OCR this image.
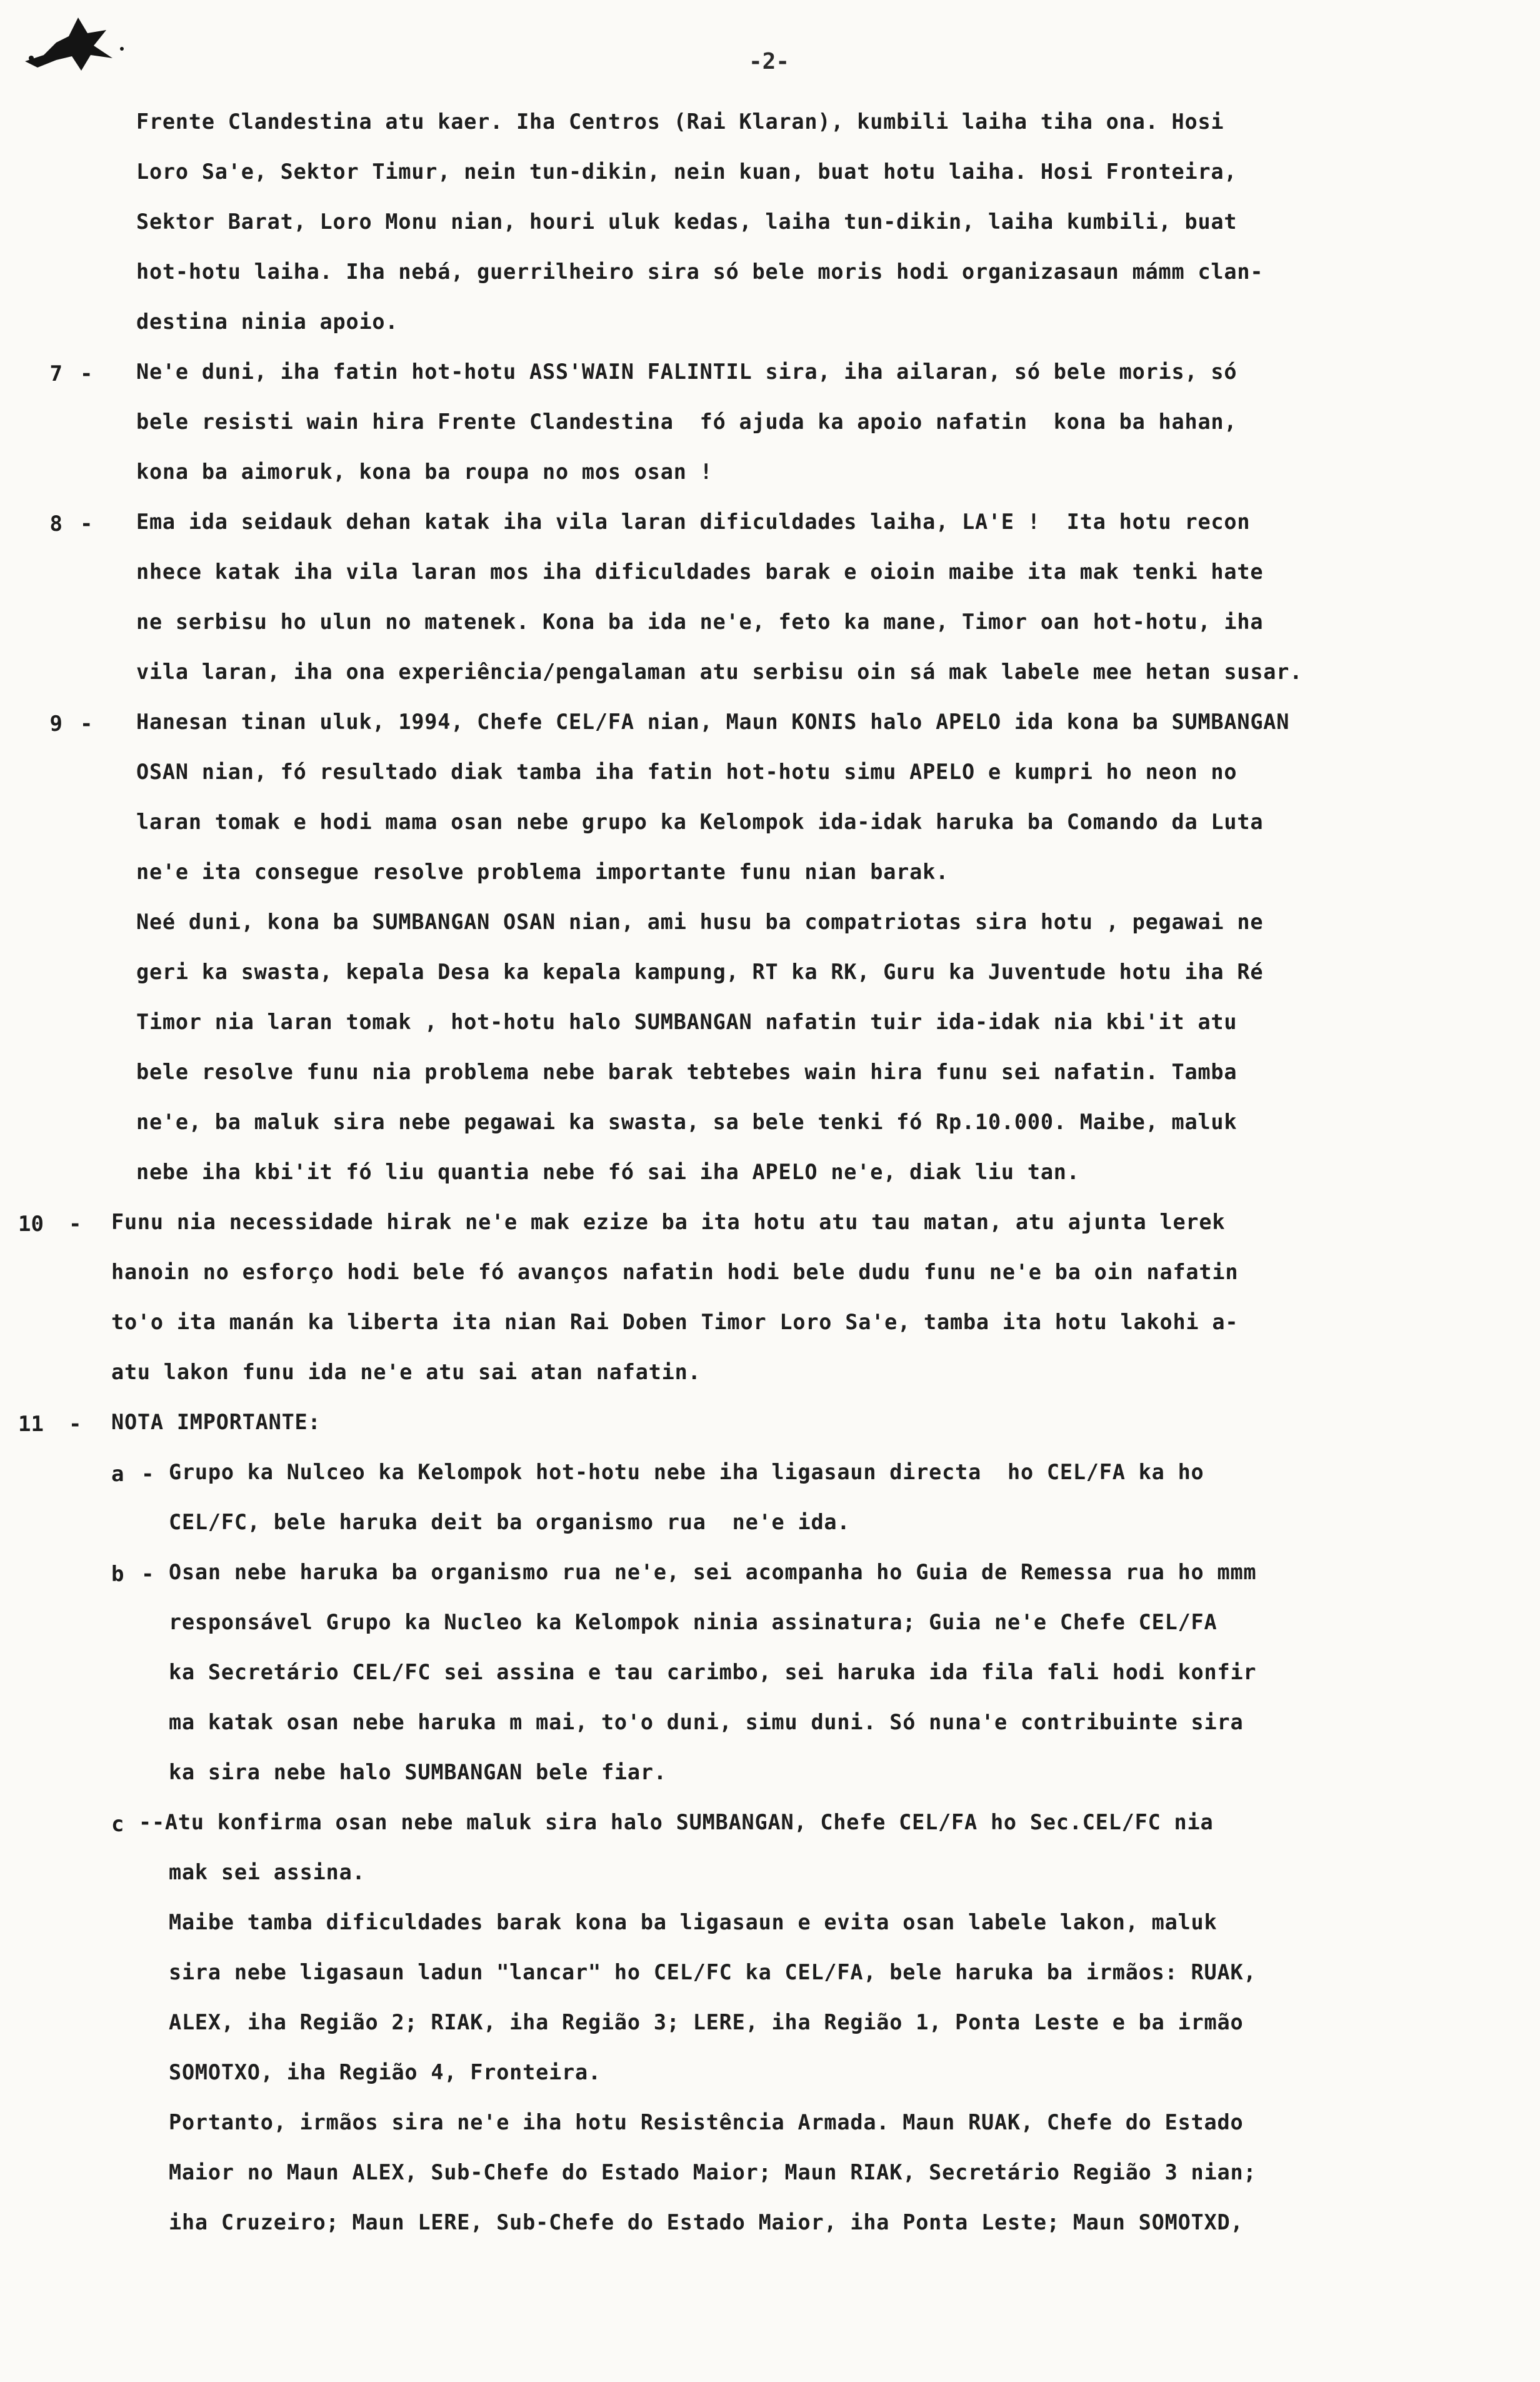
-2-
Frente Clandestina atu kaer. Iha Centros (Rai Klaran), kumbili laiha tiha ona. Hosi
Loro Sa'e, Sektor Timur, nein tun-dikin, nein kuan, buat hotu laiha. Hosi Fronteira,
Sektor Barat, Loro Monu nian, houri uluk kedas, laiha tun-dikin, laiha kumbili, buat
hot-hotu laiha. Iha nebá, guerrilheiro sira só bele moris hodi organizasaun mámm clan-
destina ninia apoio.
7 - Ne'e duni, iha fatin hot-hotu ASS'WAIN FALINTIL sira, iha ailaran, só bele moris, só
bele resisti wain hira Frente Clandestina  fó ajuda ka apoio nafatin  kona ba hahan,
kona ba aimoruk, kona ba roupa no mos osan !
8 - Ema ida seidauk dehan katak iha vila laran dificuldades laiha, LA'E !  Ita hotu recon
nhece katak iha vila laran mos iha dificuldades barak e oioin maibe ita mak tenki hate
ne serbisu ho ulun no matenek. Kona ba ida ne'e, feto ka mane, Timor oan hot-hotu, iha
vila laran, iha ona experiência/pengalaman atu serbisu oin sá mak labele mee hetan susar.
9 - Hanesan tinan uluk, 1994, Chefe CEL/FA nian, Maun KONIS halo APELO ida kona ba SUMBANGAN
OSAN nian, fó resultado diak tamba iha fatin hot-hotu simu APELO e kumpri ho neon no
laran tomak e hodi mama osan nebe grupo ka Kelompok ida-idak haruka ba Comando da Luta
ne'e ita consegue resolve problema importante funu nian barak.
Neé duni, kona ba SUMBANGAN OSAN nian, ami husu ba compatriotas sira hotu , pegawai ne
geri ka swasta, kepala Desa ka kepala kampung, RT ka RK, Guru ka Juventude hotu iha Ré
Timor nia laran tomak , hot-hotu halo SUMBANGAN nafatin tuir ida-idak nia kbi'it atu
bele resolve funu nia problema nebe barak tebtebes wain hira funu sei nafatin. Tamba
ne'e, ba maluk sira nebe pegawai ka swasta, sa bele tenki fó Rp.10.000. Maibe, maluk
nebe iha kbi'it fó liu quantia nebe fó sai iha APELO ne'e, diak liu tan.
10 - Funu nia necessidade hirak ne'e mak ezize ba ita hotu atu tau matan, atu ajunta lerek
hanoin no esforço hodi bele fó avanços nafatin hodi bele dudu funu ne'e ba oin nafatin
to'o ita manán ka liberta ita nian Rai Doben Timor Loro Sa'e, tamba ita hotu lakohi a-
atu lakon funu ida ne'e atu sai atan nafatin.
11 - NOTA IMPORTANTE:
a - Grupo ka Nulceo ka Kelompok hot-hotu nebe iha ligasaun directa  ho CEL/FA ka ho
CEL/FC, bele haruka deit ba organismo rua  ne'e ida.
b - Osan nebe haruka ba organismo rua ne'e, sei acompanha ho Guia de Remessa rua ho mmm
responsável Grupo ka Nucleo ka Kelompok ninia assinatura; Guia ne'e Chefe CEL/FA
ka Secretário CEL/FC sei assina e tau carimbo, sei haruka ida fila fali hodi konfir
ma katak osan nebe haruka m mai, to'o duni, simu duni. Só nuna'e contribuinte sira
ka sira nebe halo SUMBANGAN bele fiar.
c --Atu konfirma osan nebe maluk sira halo SUMBANGAN, Chefe CEL/FA ho Sec.CEL/FC nia
mak sei assina.
Maibe tamba dificuldades barak kona ba ligasaun e evita osan labele lakon, maluk
sira nebe ligasaun ladun "lancar" ho CEL/FC ka CEL/FA, bele haruka ba irmãos: RUAK,
ALEX, iha Região 2; RIAK, iha Região 3; LERE, iha Região 1, Ponta Leste e ba irmão
SOMOTXO, iha Região 4, Fronteira.
Portanto, irmãos sira ne'e iha hotu Resistência Armada. Maun RUAK, Chefe do Estado
Maior no Maun ALEX, Sub-Chefe do Estado Maior; Maun RIAK, Secretário Região 3 nian;
iha Cruzeiro; Maun LERE, Sub-Chefe do Estado Maior, iha Ponta Leste; Maun SOMOTXD,
